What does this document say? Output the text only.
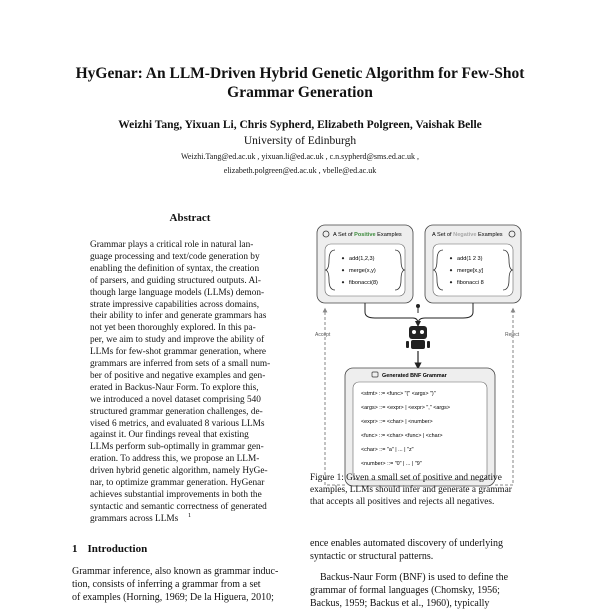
HyGenar: An LLM-Driven Hybrid Genetic Algorithm for Few-Shot
Grammar Generation
Weizhi Tang, Yixuan Li, Chris Sypherd, Elizabeth Polgreen, Vaishak Belle
University of Edinburgh
Weizhi.Tang@ed.ac.uk , yixuan.li@ed.ac.uk , c.n.sypherd@sms.ed.ac.uk ,
elizabeth.polgreen@ed.ac.uk , vbelle@ed.ac.uk
Abstract
Grammar plays a critical role in natural lan-
guage processing and text/code generation by
enabling the definition of syntax, the creation
of parsers, and guiding structured outputs. Al-
though large language models (LLMs) demon-
strate impressive capabilities across domains,
their ability to infer and generate grammars has
not yet been thoroughly explored. In this pa-
per, we aim to study and improve the ability of
LLMs for few-shot grammar generation, where
grammars are inferred from sets of a small num-
ber of positive and negative examples and gen-
erated in Backus-Naur Form. To explore this,
we introduced a novel dataset comprising 540
structured grammar generation challenges, de-
vised 6 metrics, and evaluated 8 various LLMs
against it. Our findings reveal that existing
LLMs perform sub-optimally in grammar gen-
eration. To address this, we propose an LLM-
driven hybrid genetic algorithm, namely HyGe-
nar, to optimize grammar generation. HyGenar
achieves substantial improvements in both the
syntactic and semantic correctness of generated
grammars across LLMs	1
A Set of Positive Examples
add(1,2,3)
merge(x,y)
fibonacci(8)
A Set of Negative Examples
add(1 2 3)
merge[x,y]
fibonacci 8
Accept	Reject
Generated BNF Grammar
<stmt> ::= <func> "(" <args> ")"
<args> ::= <expr> | <expr> "," <args>
<expr> ::= <char> | <number>
<func> ::= <char> <func> | <char>
<char> ::= "a" | ... | "z"
<number> ::= "0" | ... | "9"
Figure 1: Given a small set of positive and negative
examples, LLMs should infer and generate a grammar
that accepts all positives and rejects all negatives.
ence enables automated discovery of underlying
syntactic or structural patterns.
Backus-Naur Form (BNF) is used to define the
grammar of formal languages (Chomsky, 1956;
Backus, 1959; Backus et al., 1960), typically
1 Introduction
Grammar inference, also known as grammar induc-
tion, consists of inferring a grammar from a set
of examples (Horning, 1969; De la Higuera, 2010;
